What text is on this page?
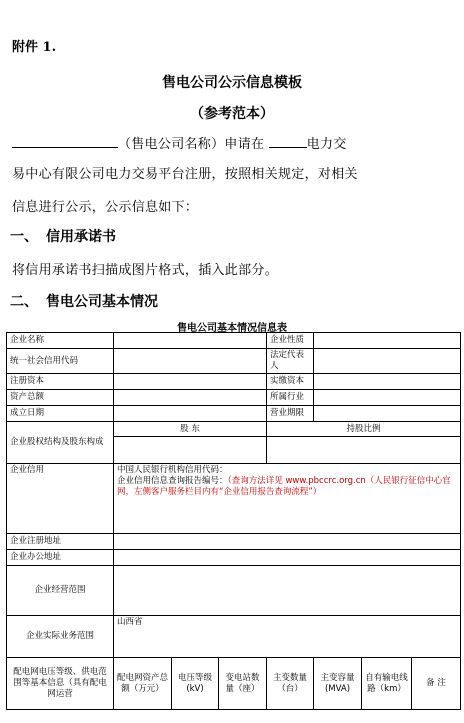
附件 1.
售电公司公示信息模板
（参考范本）
（售电公司名称）申请在	电力交
易中心有限公司电力交易平台注册，按照相关规定，对相关
信息进行公示，公示信息如下：
一、 信用承诺书
将信用承诺书扫描成图片格式，插入此部分。
二、 售电公司基本情况
售电公司基本情况信息表
企业名称				企业性质			
统一社会信用代码				法定代表人			
注册资本				实缴资本			
资产总额				所属行业			
成立日期				营业期限			
企业股权结构及股东构成	股 东			持股比例			

企业信用	中国人民银行机构信用代码：
企业信用信息查询报告编号：（查询方法详见 www.pbccrc.org.cn（人民银行征信中心官网，左侧客户服务栏目内有“企业信用报告查询流程”）						

企业注册地址							
企业办公地址							
企业经营范围							
企业实际业务范围	山西省						
配电网电压等级、供电范围等基本信息（具有配电网运营	配电网资产总额（万元）	电压等级(kV)	变电站数量（座）	主变数量（台）	主变容量(MVA)	自有输电线路（km）	备 注
